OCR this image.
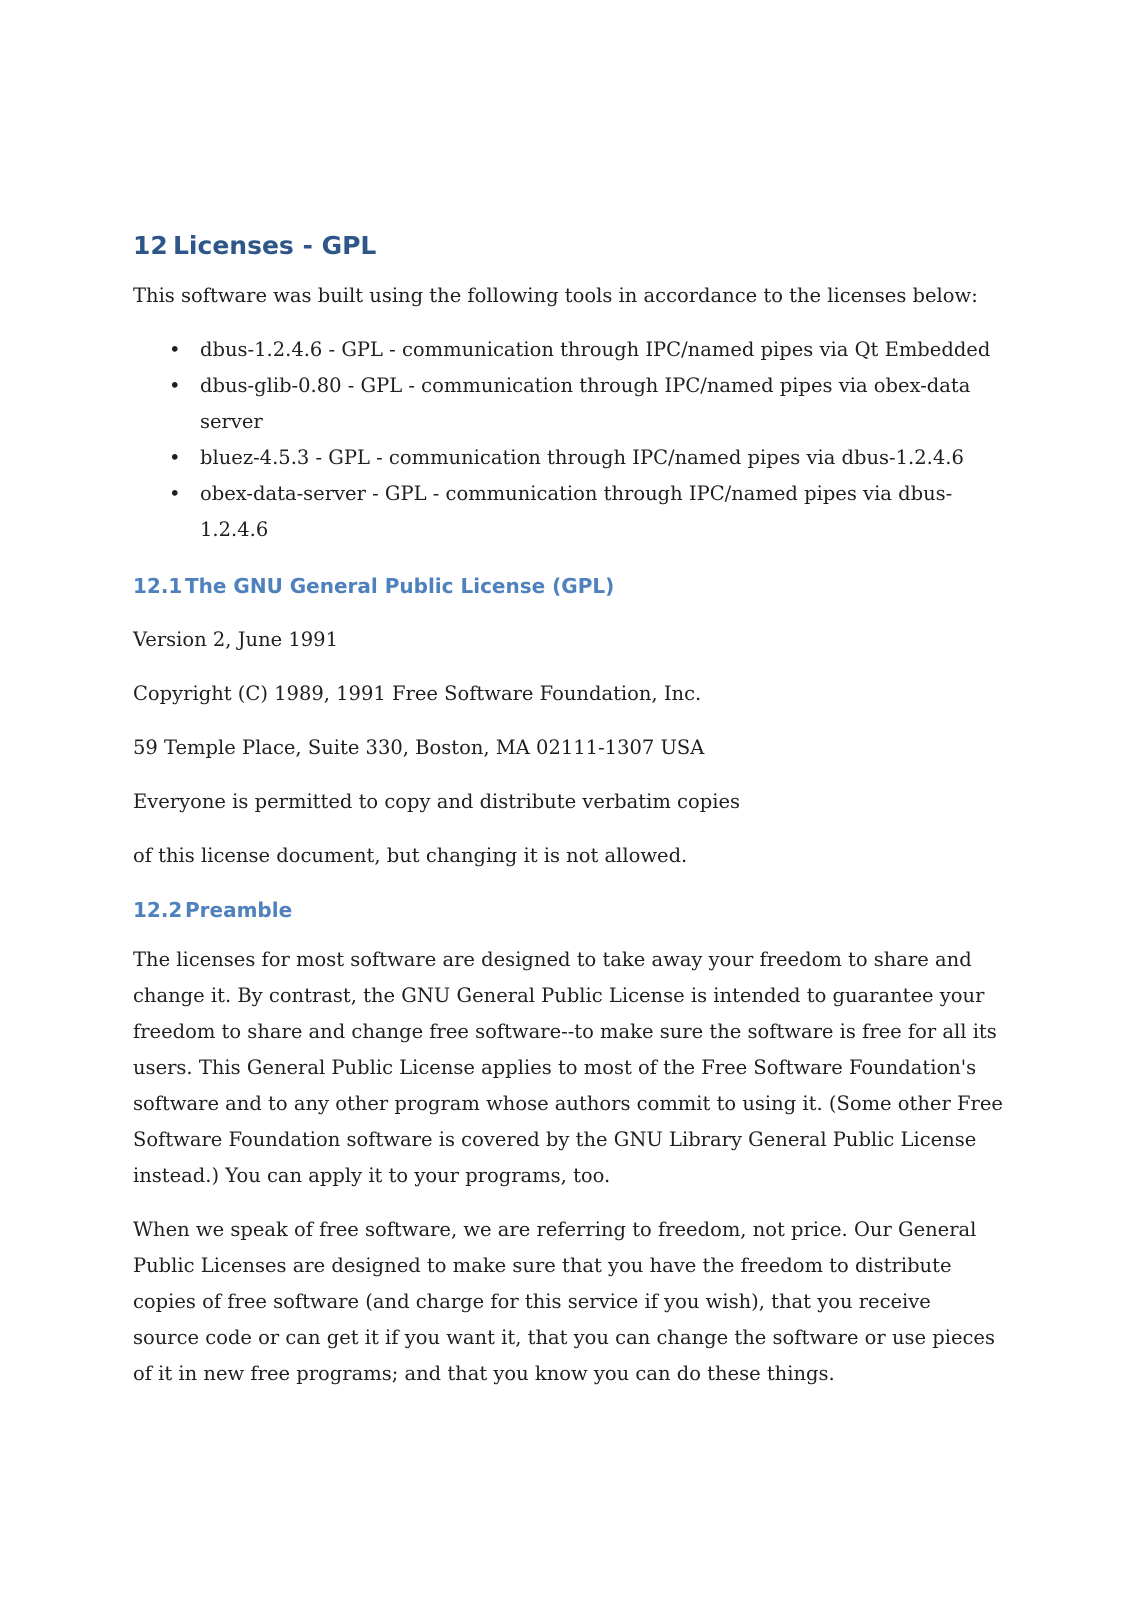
12 Licenses - GPL

This software was built using the following tools in accordance to the licenses below:

• dbus-1.2.4.6 - GPL - communication through IPC/named pipes via Qt Embedded
• dbus-glib-0.80 - GPL - communication through IPC/named pipes via obex-data server
• bluez-4.5.3 - GPL - communication through IPC/named pipes via dbus-1.2.4.6
• obex-data-server - GPL - communication through IPC/named pipes via dbus-1.2.4.6
12.1 The GNU General Public License (GPL)

Version 2, June 1991

Copyright (C) 1989, 1991 Free Software Foundation, Inc.

59 Temple Place, Suite 330, Boston, MA 02111-1307 USA

Everyone is permitted to copy and distribute verbatim copies

of this license document, but changing it is not allowed.

12.2 Preamble

The licenses for most software are designed to take away your freedom to share and change it. By contrast, the GNU General Public License is intended to guarantee your freedom to share and change free software--to make sure the software is free for all its users. This General Public License applies to most of the Free Software Foundation's software and to any other program whose authors commit to using it. (Some other Free Software Foundation software is covered by the GNU Library General Public License instead.) You can apply it to your programs, too.

When we speak of free software, we are referring to freedom, not price. Our General Public Licenses are designed to make sure that you have the freedom to distribute copies of free software (and charge for this service if you wish), that you receive source code or can get it if you want it, that you can change the software or use pieces of it in new free programs; and that you know you can do these things.
